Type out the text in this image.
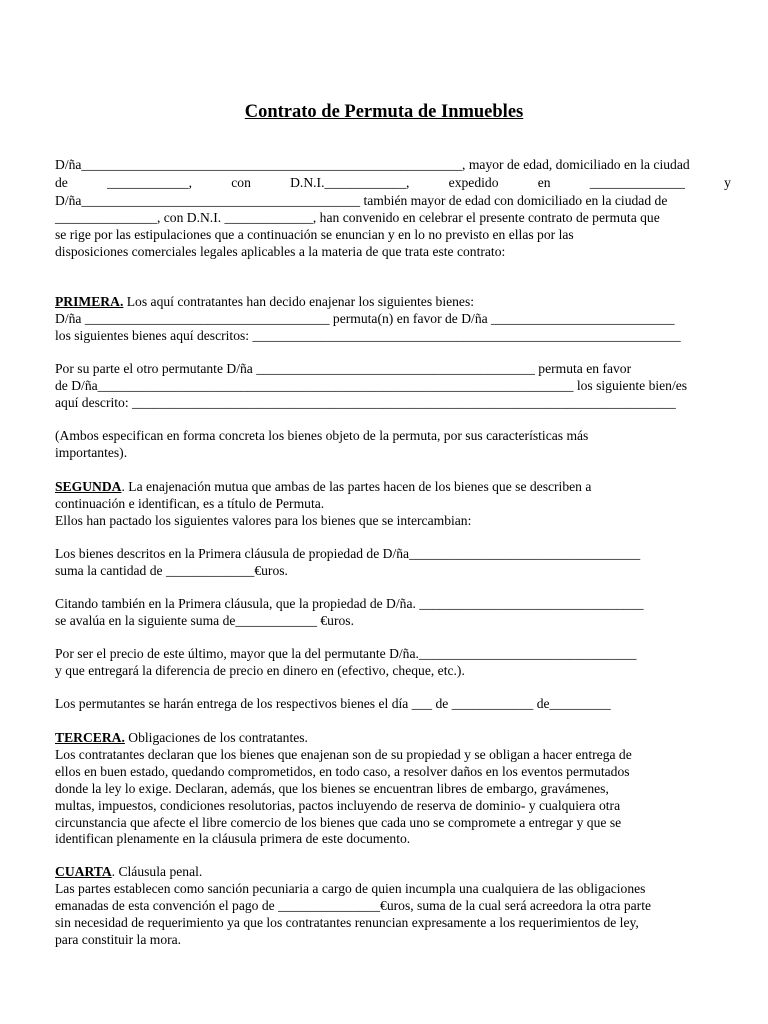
Contrato de Permuta de Inmuebles
D/ña________________________________________________________, mayor de edad, domiciliado en la ciudad
de	____________,	con	D.N.I.____________,	expedido	en	______________	y
D/ña_________________________________________ también mayor de edad con domiciliado en la ciudad de
_______________, con D.N.I. _____________, han convenido en celebrar el presente contrato de permuta que
se rige por las estipulaciones que a continuación se enuncian y en lo no previsto en ellas por las
disposiciones comerciales legales aplicables a la materia de que trata este contrato:
PRIMERA. Los aquí contratantes han decido enajenar los siguientes bienes:
D/ña ____________________________________ permuta(n) en favor de D/ña ___________________________
los siguientes bienes aquí descritos: _______________________________________________________________
Por su parte el otro permutante D/ña _________________________________________ permuta en favor
de D/ña______________________________________________________________________ los siguiente bien/es
aquí descrito: ________________________________________________________________________________
(Ambos especifican en forma concreta los bienes objeto de la permuta, por sus características más
importantes).
SEGUNDA. La enajenación mutua que ambas de las partes hacen de los bienes que se describen a
continuación e identifican, es a título de Permuta.
Ellos han pactado los siguientes valores para los bienes que se intercambian:
Los bienes descritos en la Primera cláusula de propiedad de D/ña__________________________________
suma la cantidad de _____________€uros.
Citando también en la Primera cláusula, que la propiedad de D/ña. _________________________________
se avalúa en la siguiente suma de____________ €uros.
Por ser el precio de este último, mayor que la del permutante D/ña.________________________________
y que entregará la diferencia de precio en dinero en (efectivo, cheque, etc.).
Los permutantes se harán entrega de los respectivos bienes el día ___ de ____________ de_________
TERCERA. Obligaciones de los contratantes.
Los contratantes declaran que los bienes que enajenan son de su propiedad y se obligan a hacer entrega de
ellos en buen estado, quedando comprometidos, en todo caso, a resolver daños en los eventos permutados
donde la ley lo exige. Declaran, además, que los bienes se encuentran libres de embargo, gravámenes,
multas, impuestos, condiciones resolutorias, pactos incluyendo de reserva de dominio- y cualquiera otra
circunstancia que afecte el libre comercio de los bienes que cada uno se compromete a entregar y que se
identifican plenamente en la cláusula primera de este documento.
CUARTA. Cláusula penal.
Las partes establecen como sanción pecuniaria a cargo de quien incumpla una cualquiera de las obligaciones
emanadas de esta convención el pago de _______________€uros, suma de la cual será acreedora la otra parte
sin necesidad de requerimiento ya que los contratantes renuncian expresamente a los requerimientos de ley,
para constituir la mora.
